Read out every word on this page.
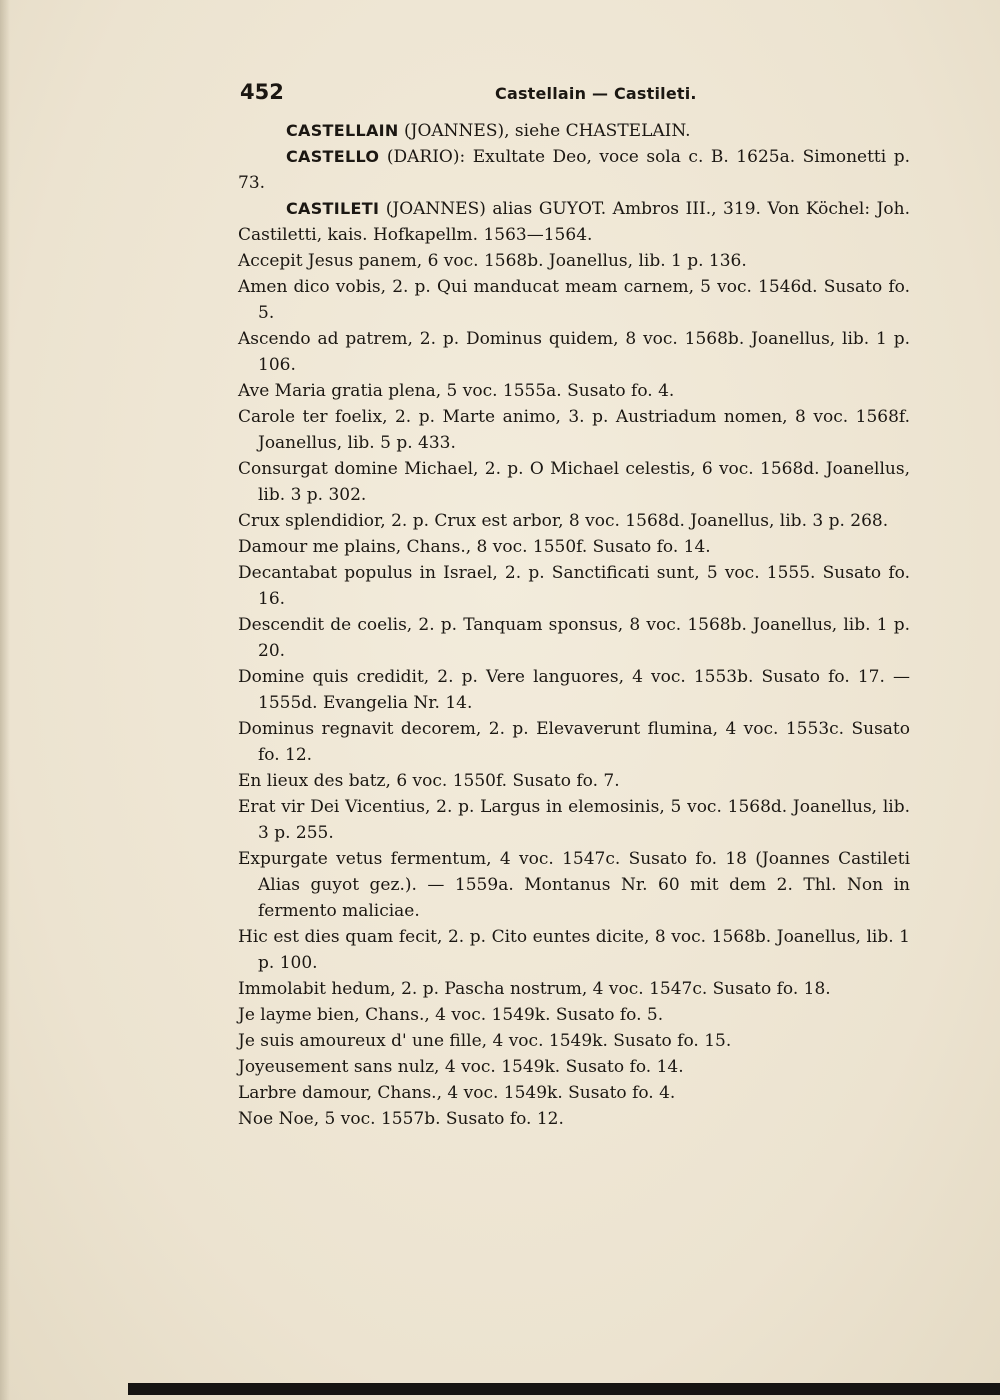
452	Castellain — Castileti.

CASTELLAIN (JOANNES), siehe CHASTELAIN.

CASTELLO (DARIO): Exultate Deo, voce sola c. B. 1625a. Simonetti p. 73.

CASTILETI (JOANNES) alias GUYOT. Ambros III., 319. Von Köchel: Joh. Castiletti, kais. Hofkapellm. 1563—1564.

Accepit Jesus panem, 6 voc. 1568b. Joanellus, lib. 1 p. 136.

Amen dico vobis, 2. p. Qui manducat meam carnem, 5 voc. 1546d. Susato fo. 5.

Ascendo ad patrem, 2. p. Dominus quidem, 8 voc. 1568b. Joanellus, lib. 1 p. 106.

Ave Maria gratia plena, 5 voc. 1555a. Susato fo. 4.

Carole ter foelix, 2. p. Marte animo, 3. p. Austriadum nomen, 8 voc. 1568f. Joanellus, lib. 5 p. 433.

Consurgat domine Michael, 2. p. O Michael celestis, 6 voc. 1568d. Joanellus, lib. 3 p. 302.

Crux splendidior, 2. p. Crux est arbor, 8 voc. 1568d. Joanellus, lib. 3 p. 268.

Damour me plains, Chans., 8 voc. 1550f. Susato fo. 14.

Decantabat populus in Israel, 2. p. Sanctificati sunt, 5 voc. 1555. Susato fo. 16.

Descendit de coelis, 2. p. Tanquam sponsus, 8 voc. 1568b. Joanellus, lib. 1 p. 20.

Domine quis credidit, 2. p. Vere languores, 4 voc. 1553b. Susato fo. 17. — 1555d. Evangelia Nr. 14.

Dominus regnavit decorem, 2. p. Elevaverunt flumina, 4 voc. 1553c. Susato fo. 12.

En lieux des batz, 6 voc. 1550f. Susato fo. 7.

Erat vir Dei Vicentius, 2. p. Largus in elemosinis, 5 voc. 1568d. Joanellus, lib. 3 p. 255.

Expurgate vetus fermentum, 4 voc. 1547c. Susato fo. 18 (Joannes Castileti Alias guyot gez.). — 1559a. Montanus Nr. 60 mit dem 2. Thl. Non in fermento maliciae.

Hic est dies quam fecit, 2. p. Cito euntes dicite, 8 voc. 1568b. Joanellus, lib. 1 p. 100.

Immolabit hedum, 2. p. Pascha nostrum, 4 voc. 1547c. Susato fo. 18.

Je layme bien, Chans., 4 voc. 1549k. Susato fo. 5.

Je suis amoureux d' une fille, 4 voc. 1549k. Susato fo. 15.

Joyeusement sans nulz, 4 voc. 1549k. Susato fo. 14.

Larbre damour, Chans., 4 voc. 1549k. Susato fo. 4.

Noe Noe, 5 voc. 1557b. Susato fo. 12.
